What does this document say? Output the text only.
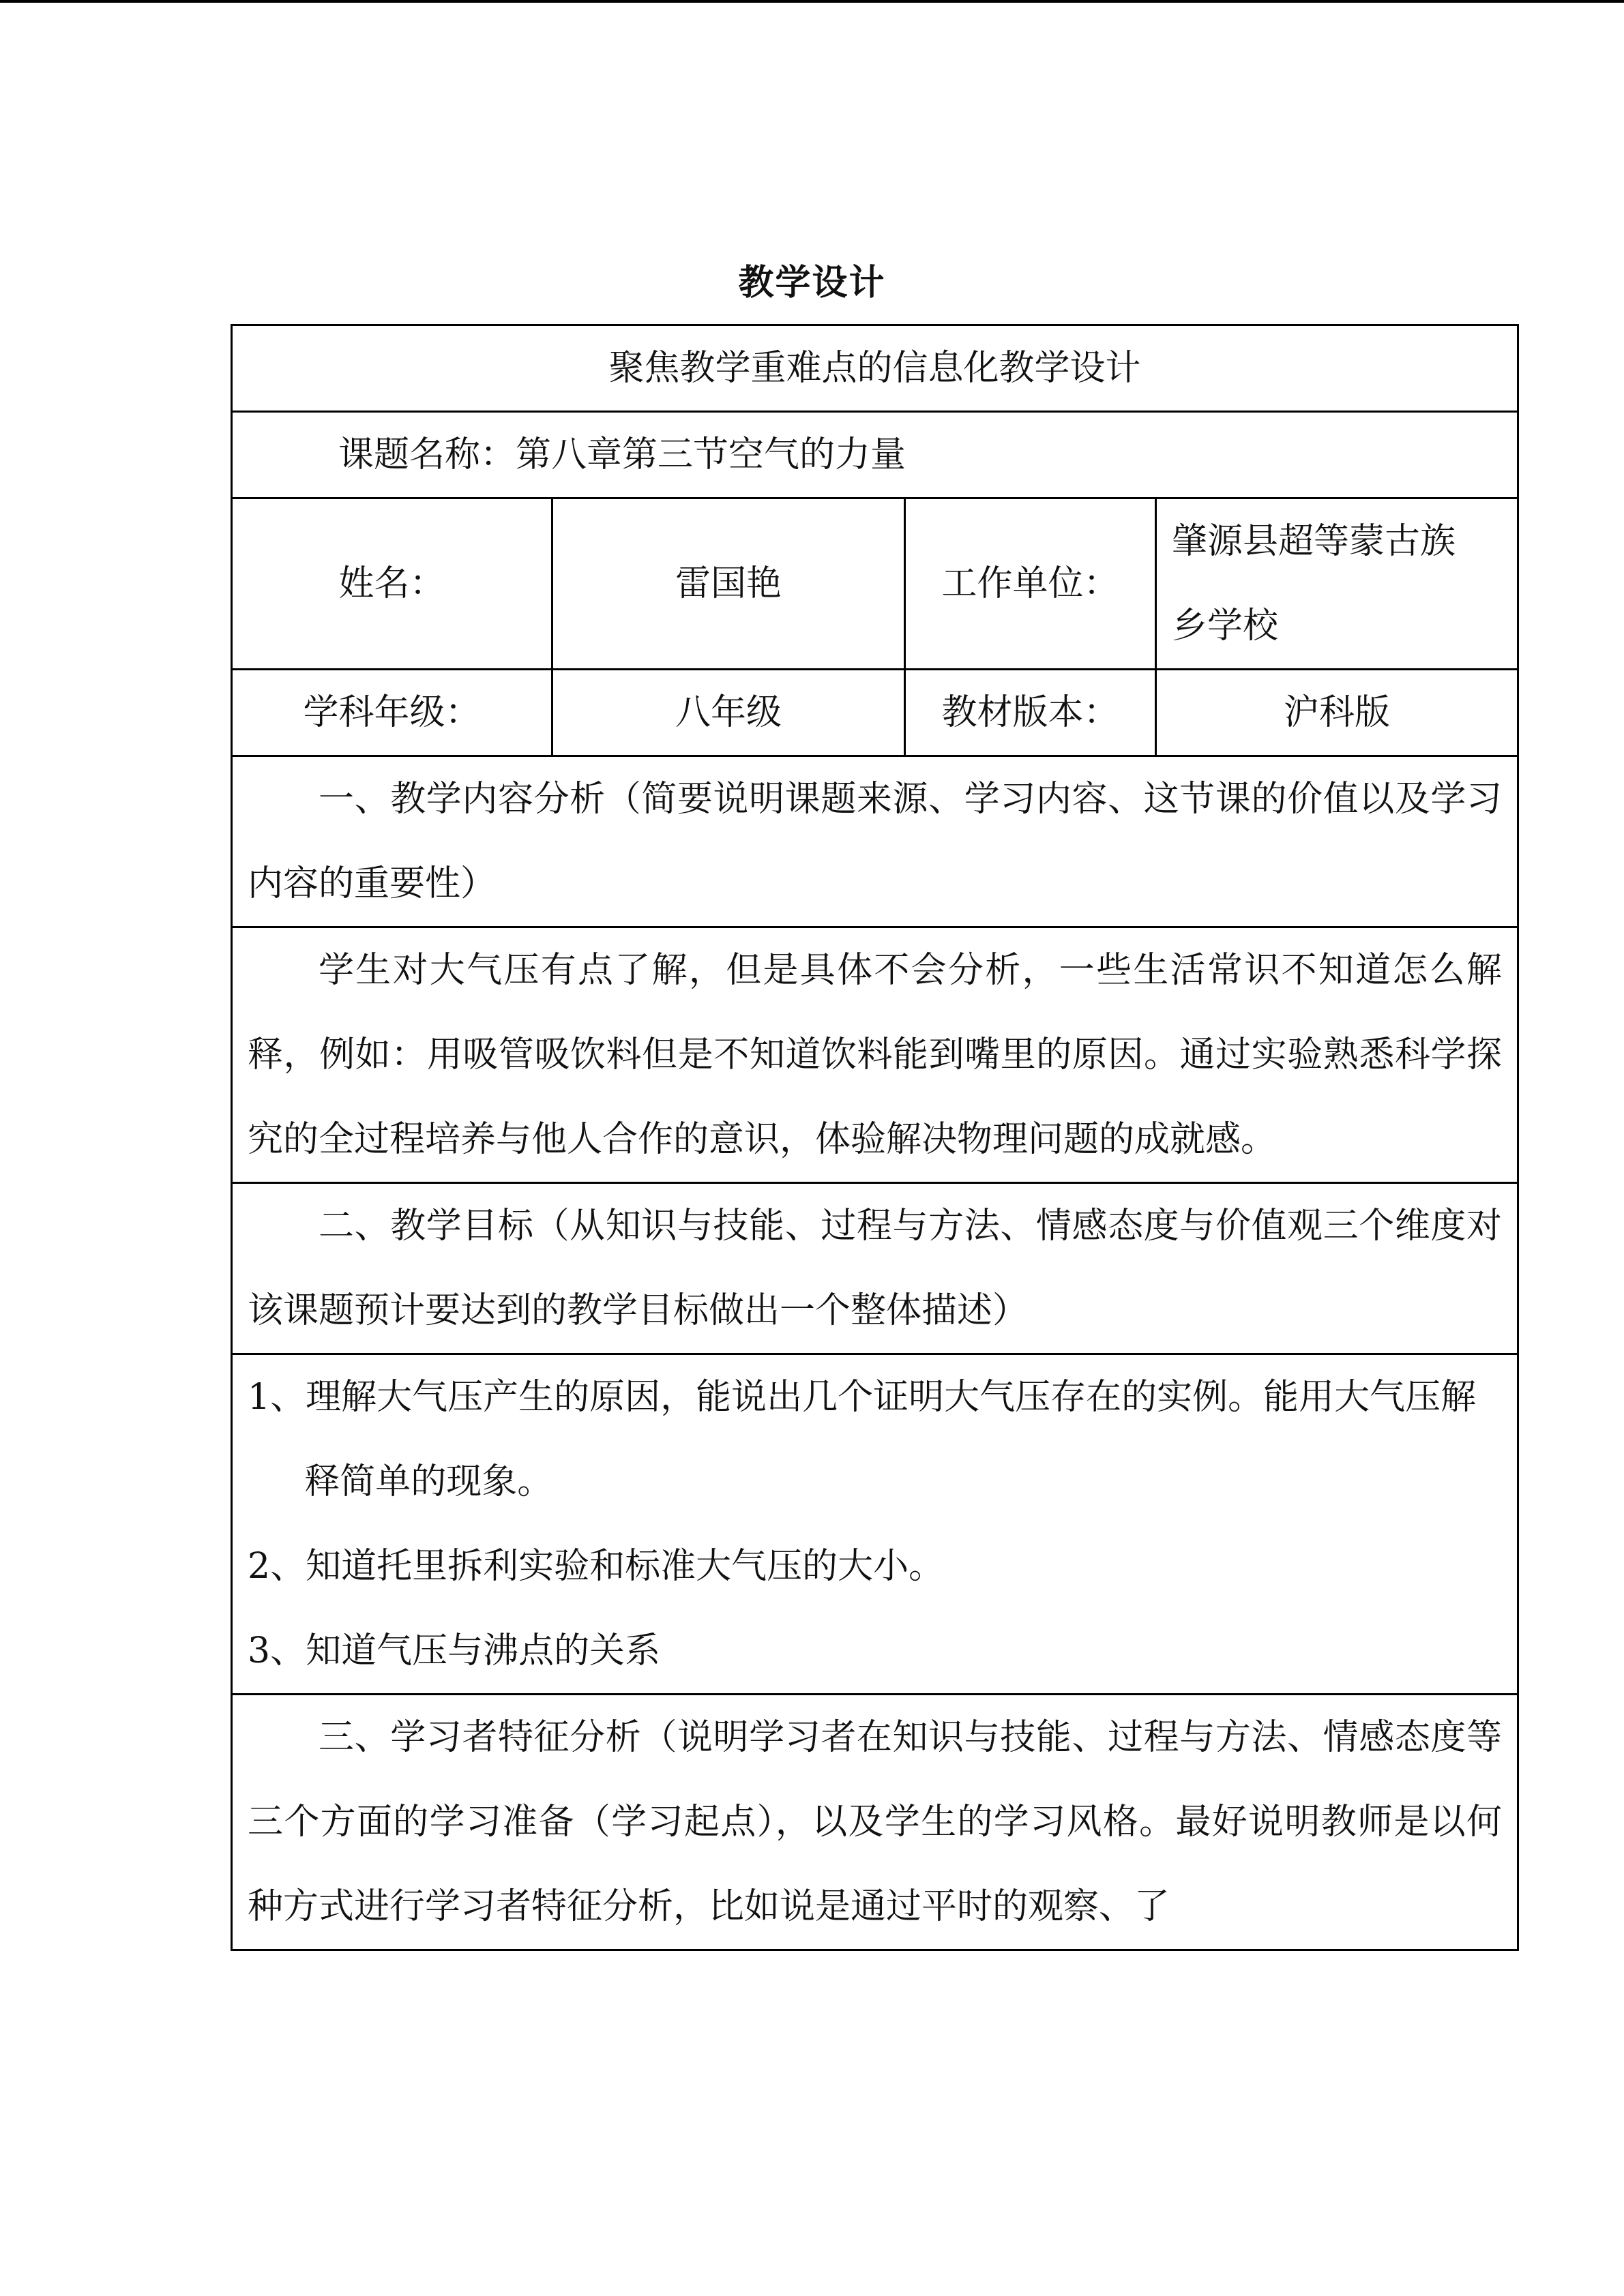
教学设计
聚焦教学重难点的信息化教学设计			
课题名称：第八章第三节空气的力量			
姓名：	雷国艳	工作单位：	肇源县超等蒙古族
乡学校

学科年级：	八年级	教材版本：	沪科版
一、教学内容分析（简要说明课题来源、学习内容、这节课的价值以及学习内容的重要性）			
学生对大气压有点了解，但是具体不会分析，一些生活常识不知道怎么解释，例如：用吸管吸饮料但是不知道饮料能到嘴里的原因。通过实验熟悉科学探究的全过程培养与他人合作的意识，体验解决物理问题的成就感。			
二、教学目标（从知识与技能、过程与方法、情感态度与价值观三个维度对该课题预计要达到的教学目标做出一个整体描述）			

1、理解大气压产生的原因，能说出几个证明大气压存在的实例。能用大气压解释简单的现象。
2、知道托里拆利实验和标准大气压的大小。
3、知道气压与沸点的关系			

三、学习者特征分析（说明学习者在知识与技能、过程与方法、情感态度等三个方面的学习准备（学习起点），以及学生的学习风格。最好说明教师是以何种方式进行学习者特征分析，比如说是通过平时的观察、了			
